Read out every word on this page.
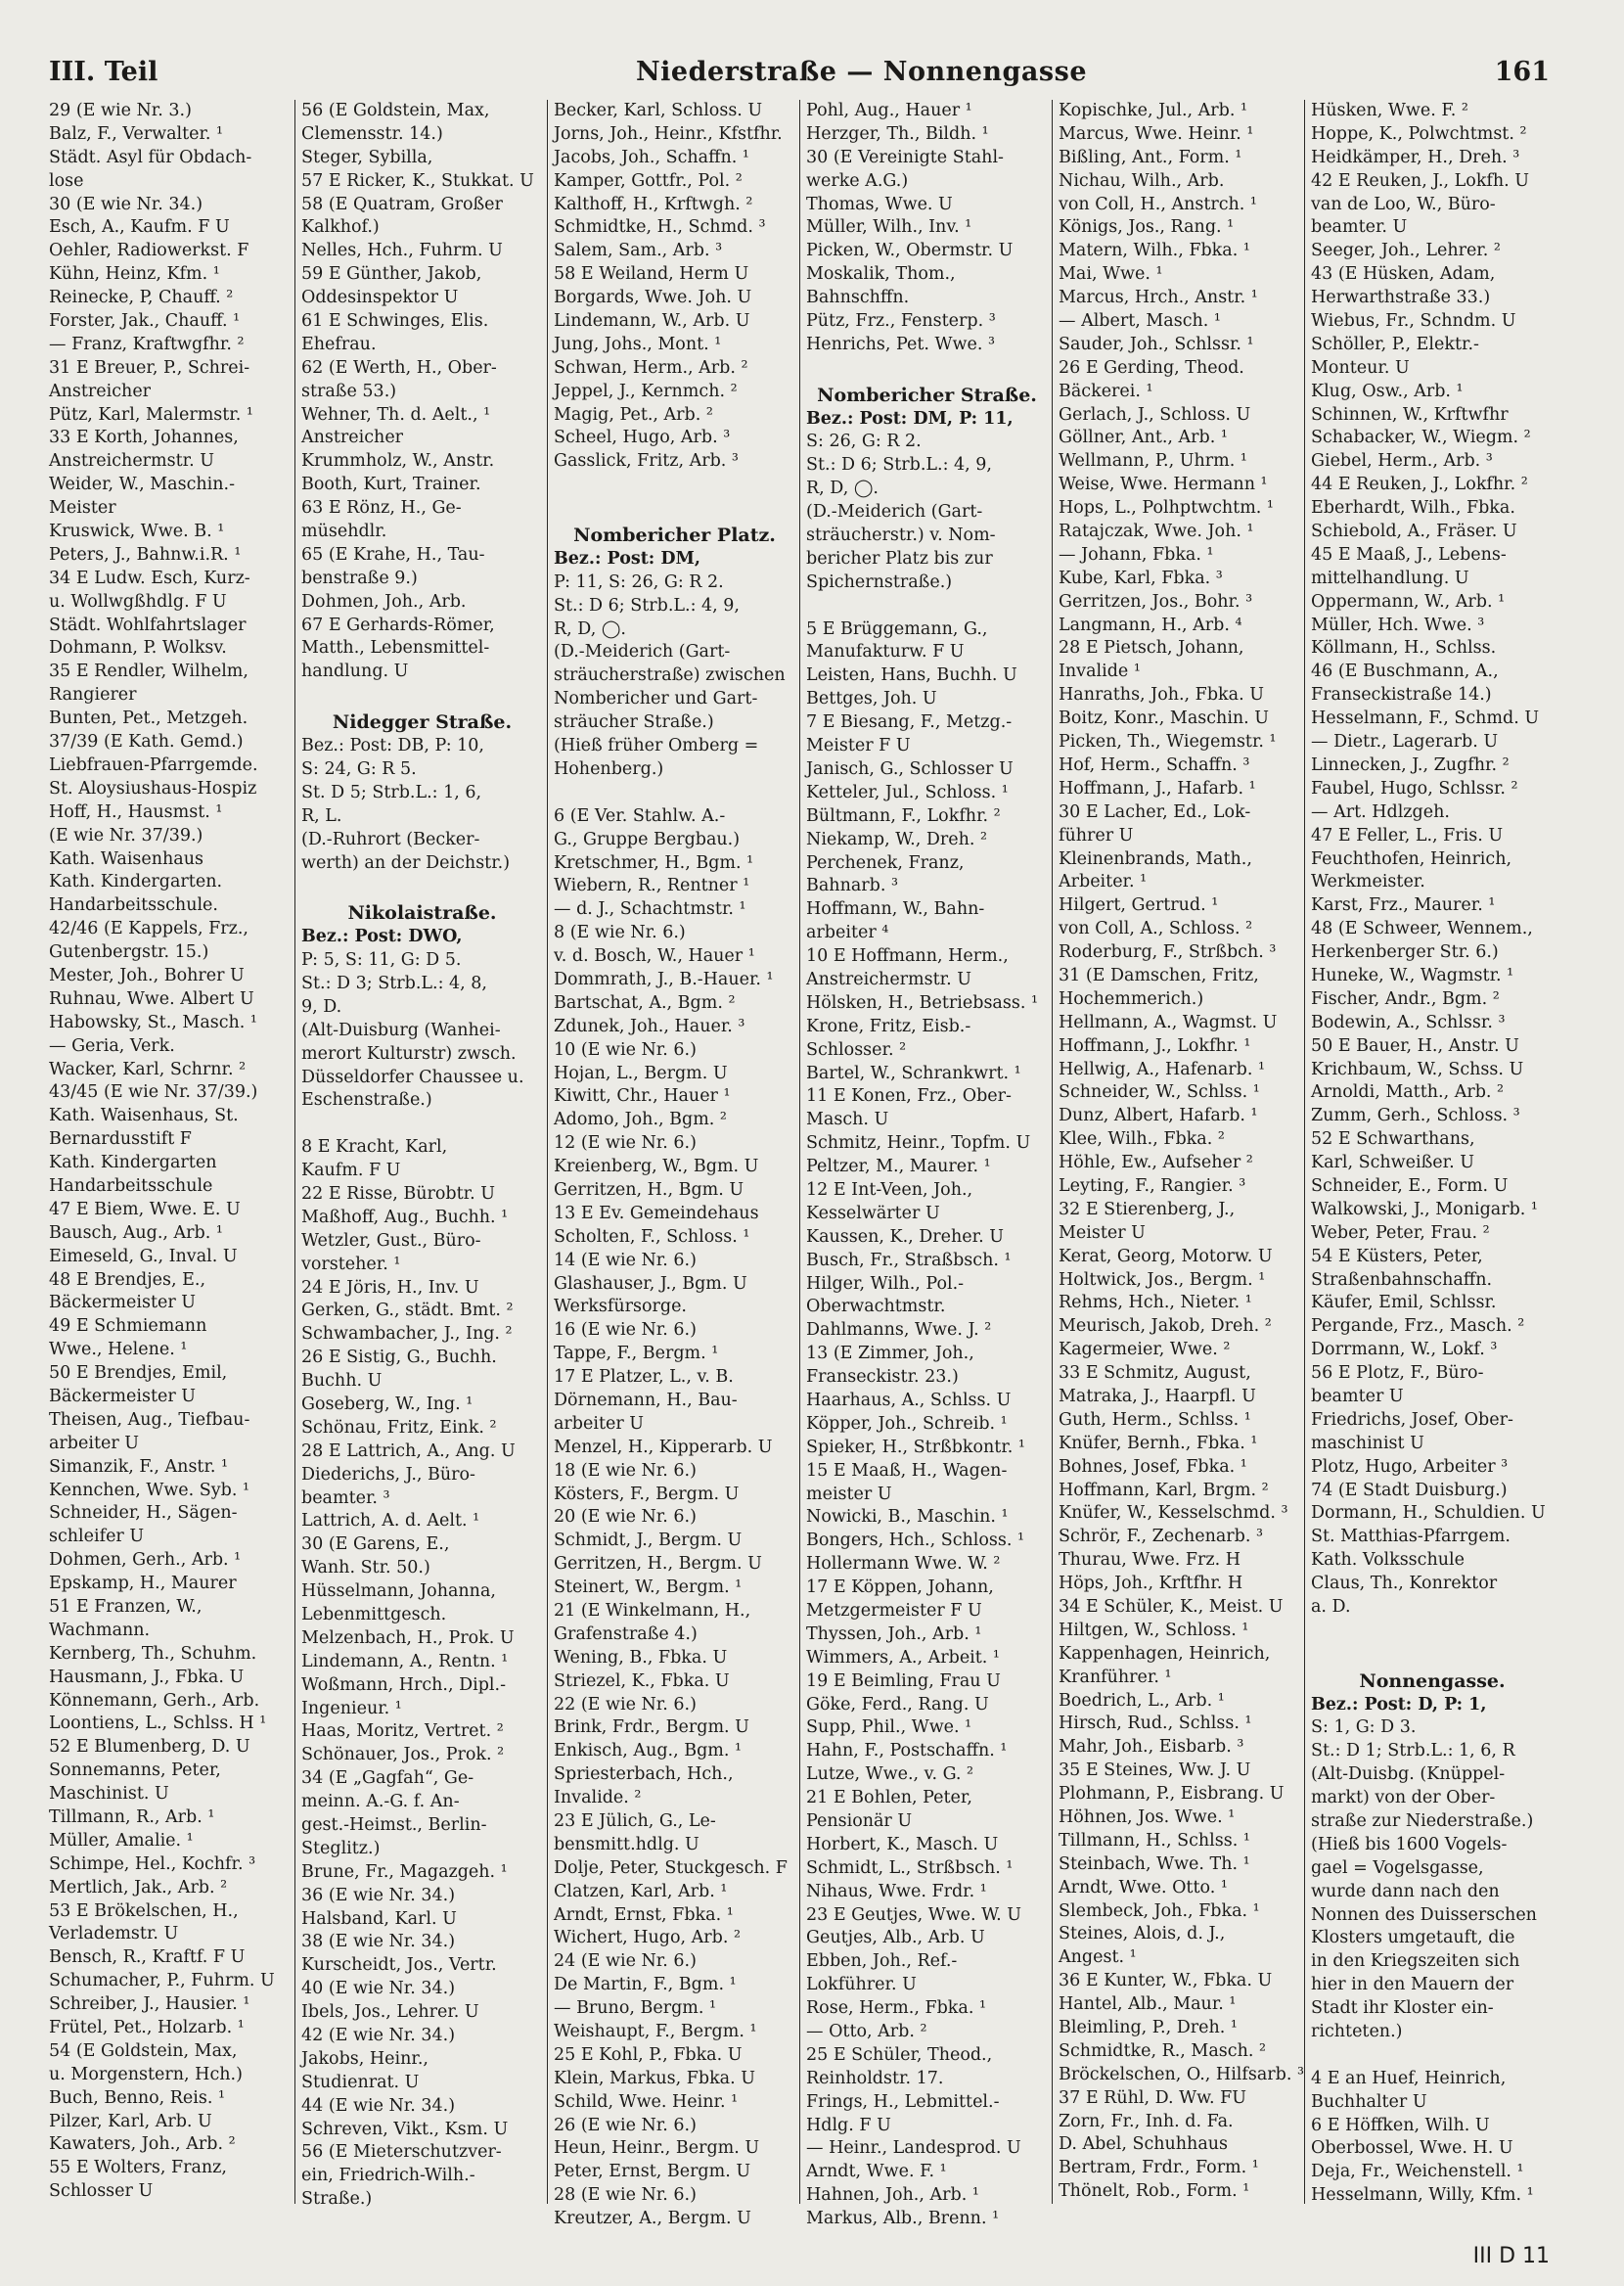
III. Teil	Niederstraße — Nonnengasse	161
29 (E wie Nr. 3.)
Balz, F., Verwalter. ¹
Städt. Asyl für Obdach-
lose
30 (E wie Nr. 34.)
Esch, A., Kaufm. F U
Oehler, Radiowerkst. F
Kühn, Heinz, Kfm. ¹
Reinecke, P, Chauff. ²
Forster, Jak., Chauff. ¹
— Franz, Kraftwgfhr. ²
31 E Breuer, P., Schrei-
Anstreicher
Pütz, Karl, Malermstr. ¹
33 E Korth, Johannes,
Anstreichermstr. U
Weider, W., Maschin.-
Meister
Kruswick, Wwe. B. ¹
Peters, J., Bahnw.i.R. ¹
34 E Ludw. Esch, Kurz-
u. Wollwgßhdlg. F U
Städt. Wohlfahrtslager
Dohmann, P. Wolksv.
35 E Rendler, Wilhelm,
Rangierer
Bunten, Pet., Metzgeh.
37/39 (E Kath. Gemd.)
Liebfrauen-Pfarrgemde.
St. Aloysiushaus-Hospiz
Hoff, H., Hausmst. ¹
(E wie Nr. 37/39.)
Kath. Waisenhaus
Kath. Kindergarten.
Handarbeitsschule.
42/46 (E Kappels, Frz.,
Gutenbergstr. 15.)
Mester, Joh., Bohrer U
Ruhnau, Wwe. Albert U
Habowsky, St., Masch. ¹
— Geria, Verk.
Wacker, Karl, Schrnr. ²
43/45 (E wie Nr. 37/39.)
Kath. Waisenhaus, St.
Bernardusstift F
Kath. Kindergarten
Handarbeitsschule
47 E Biem, Wwe. E. U
Bausch, Aug., Arb. ¹
Eimeseld, G., Inval. U
48 E Brendjes, E.,
Bäckermeister U
49 E Schmiemann
Wwe., Helene. ¹
50 E Brendjes, Emil,
Bäckermeister U
Theisen, Aug., Tiefbau-
arbeiter U
Simanzik, F., Anstr. ¹
Kennchen, Wwe. Syb. ¹
Schneider, H., Sägen-
schleifer U
Dohmen, Gerh., Arb. ¹
Epskamp, H., Maurer
51 E Franzen, W.,
Wachmann.
Kernberg, Th., Schuhm.
Hausmann, J., Fbka. U
Könnemann, Gerh., Arb.
Loontiens, L., Schlss. H ¹
52 E Blumenberg, D. U
Sonnemanns, Peter,
Maschinist. U
Tillmann, R., Arb. ¹
Müller, Amalie. ¹
Schimpe, Hel., Kochfr. ³
Mertlich, Jak., Arb. ²
53 E Brökelschen, H.,
Verlademstr. U
Bensch, R., Kraftf. F U
Schumacher, P., Fuhrm. U
Schreiber, J., Hausier. ¹
Frütel, Pet., Holzarb. ¹
54 (E Goldstein, Max,
u. Morgenstern, Hch.)
Buch, Benno, Reis. ¹
Pilzer, Karl, Arb. U
Kawaters, Joh., Arb. ²
55 E Wolters, Franz,
Schlosser U
56 (E Goldstein, Max,
Clemensstr. 14.)
Steger, Sybilla,
57 E Ricker, K., Stukkat. U
58 (E Quatram, Großer
Kalkhof.)
Nelles, Hch., Fuhrm. U
59 E Günther, Jakob,
Oddesinspektor U
61 E Schwinges, Elis.
Ehefrau.
62 (E Werth, H., Ober-
straße 53.)
Wehner, Th. d. Aelt., ¹
Anstreicher
Krummholz, W., Anstr.
Booth, Kurt, Trainer.
63 E Rönz, H., Ge-
müsehdlr.
65 (E Krahe, H., Tau-
benstraße 9.)
Dohmen, Joh., Arb.
67 E Gerhards-Römer,
Matth., Lebensmittel-
handlung. U
Nidegger Straße.
Bez.: Post: DB, P: 10,
S: 24, G: R 5.
St. D 5; Strb.L.: 1, 6,
R, L.
(D.-Ruhrort (Becker-
werth) an der Deichstr.)
Nikolaistraße.
Bez.: Post: DWO,
P: 5, S: 11, G: D 5.
St.: D 3; Strb.L.: 4, 8,
9, D.
(Alt-Duisburg (Wanhei-
merort Kulturstr) zwsch.
Düsseldorfer Chaussee u.
Eschenstraße.)
8 E Kracht, Karl,
Kaufm. F U
22 E Risse, Bürobtr. U
Maßhoff, Aug., Buchh. ¹
Wetzler, Gust., Büro-
vorsteher. ¹
24 E Jöris, H., Inv. U
Gerken, G., städt. Bmt. ²
Schwambacher, J., Ing. ²
26 E Sistig, G., Buchh.
Buchh. U
Goseberg, W., Ing. ¹
Schönau, Fritz, Eink. ²
28 E Lattrich, A., Ang. U
Diederichs, J., Büro-
beamter. ³
Lattrich, A. d. Aelt. ¹
30 (E Garens, E.,
Wanh. Str. 50.)
Hüsselmann, Johanna,
Lebenmittgesch.
Melzenbach, H., Prok. U
Lindemann, A., Rentn. ¹
Woßmann, Hrch., Dipl.-
Ingenieur. ¹
Haas, Moritz, Vertret. ²
Schönauer, Jos., Prok. ²
34 (E „Gagfah“, Ge-
meinn. A.-G. f. An-
gest.-Heimst., Berlin-
Steglitz.)
Brune, Fr., Magazgeh. ¹
36 (E wie Nr. 34.)
Halsband, Karl. U
38 (E wie Nr. 34.)
Kurscheidt, Jos., Vertr.
40 (E wie Nr. 34.)
Ibels, Jos., Lehrer. U
42 (E wie Nr. 34.)
Jakobs, Heinr.,
Studienrat. U
44 (E wie Nr. 34.)
Schreven, Vikt., Ksm. U
56 (E Mieterschutzver-
ein, Friedrich-Wilh.-
Straße.)
Becker, Karl, Schloss. U
Jorns, Joh., Heinr., Kfstfhr.
Jacobs, Joh., Schaffn. ¹
Kamper, Gottfr., Pol. ²
Kalthoff, H., Krftwgh. ²
Schmidtke, H., Schmd. ³
Salem, Sam., Arb. ³
58 E Weiland, Herm U
Borgards, Wwe. Joh. U
Lindemann, W., Arb. U
Jung, Johs., Mont. ¹
Schwan, Herm., Arb. ²
Jeppel, J., Kernmch. ²
Magig, Pet., Arb. ²
Scheel, Hugo, Arb. ³
Gasslick, Fritz, Arb. ³
Nombericher Platz.
Bez.: Post: DM,
P: 11, S: 26, G: R 2.
St.: D 6; Strb.L.: 4, 9,
R, D, ◯.
(D.-Meiderich (Gart-
sträucherstraße) zwischen
Nombericher und Gart-
sträucher Straße.)
(Hieß früher Omberg =
Hohenberg.)
6 (E Ver. Stahlw. A.-
G., Gruppe Bergbau.)
Kretschmer, H., Bgm. ¹
Wiebern, R., Rentner ¹
— d. J., Schachtmstr. ¹
8 (E wie Nr. 6.)
v. d. Bosch, W., Hauer ¹
Dommrath, J., B.-Hauer. ¹
Bartschat, A., Bgm. ²
Zdunek, Joh., Hauer. ³
10 (E wie Nr. 6.)
Hojan, L., Bergm. U
Kiwitt, Chr., Hauer ¹
Adomo, Joh., Bgm. ²
12 (E wie Nr. 6.)
Kreienberg, W., Bgm. U
Gerritzen, H., Bgm. U
13 E Ev. Gemeindehaus
Scholten, F., Schloss. ¹
14 (E wie Nr. 6.)
Glashauser, J., Bgm. U
Werksfürsorge.
16 (E wie Nr. 6.)
Tappe, F., Bergm. ¹
17 E Platzer, L., v. B.
Dörnemann, H., Bau-
arbeiter U
Menzel, H., Kipperarb. U
18 (E wie Nr. 6.)
Kösters, F., Bergm. U
20 (E wie Nr. 6.)
Schmidt, J., Bergm. U
Gerritzen, H., Bergm. U
Steinert, W., Bergm. ¹
21 (E Winkelmann, H.,
Grafenstraße 4.)
Wening, B., Fbka. U
Striezel, K., Fbka. U
22 (E wie Nr. 6.)
Brink, Frdr., Bergm. U
Enkisch, Aug., Bgm. ¹
Spriesterbach, Hch.,
Invalide. ²
23 E Jülich, G., Le-
bensmitt.hdlg. U
Dolje, Peter, Stuckgesch. F
Clatzen, Karl, Arb. ¹
Arndt, Ernst, Fbka. ¹
Wichert, Hugo, Arb. ²
24 (E wie Nr. 6.)
De Martin, F., Bgm. ¹
— Bruno, Bergm. ¹
Weishaupt, F., Bergm. ¹
25 E Kohl, P., Fbka. U
Klein, Markus, Fbka. U
Schild, Wwe. Heinr. ¹
26 (E wie Nr. 6.)
Heun, Heinr., Bergm. U
Peter, Ernst, Bergm. U
28 (E wie Nr. 6.)
Kreutzer, A., Bergm. U
Pohl, Aug., Hauer ¹
Herzger, Th., Bildh. ¹
30 (E Vereinigte Stahl-
werke A.G.)
Thomas, Wwe. U
Müller, Wilh., Inv. ¹
Picken, W., Obermstr. U
Moskalik, Thom.,
Bahnschffn.
Pütz, Frz., Fensterp. ³
Henrichs, Pet. Wwe. ³
Nombericher Straße.
Bez.: Post: DM, P: 11,
S: 26, G: R 2.
St.: D 6; Strb.L.: 4, 9,
R, D, ◯.
(D.-Meiderich (Gart-
sträucherstr.) v. Nom-
bericher Platz bis zur
Spichernstraße.)
5 E Brüggemann, G.,
Manufakturw. F U
Leisten, Hans, Buchh. U
Bettges, Joh. U
7 E Biesang, F., Metzg.-
Meister F U
Janisch, G., Schlosser U
Ketteler, Jul., Schloss. ¹
Bültmann, F., Lokfhr. ²
Niekamp, W., Dreh. ²
Perchenek, Franz,
Bahnarb. ³
Hoffmann, W., Bahn-
arbeiter ⁴
10 E Hoffmann, Herm.,
Anstreichermstr. U
Hölsken, H., Betriebsass. ¹
Krone, Fritz, Eisb.-
Schlosser. ²
Bartel, W., Schrankwrt. ¹
11 E Konen, Frz., Ober-
Masch. U
Schmitz, Heinr., Topfm. U
Peltzer, M., Maurer. ¹
12 E Int-Veen, Joh.,
Kesselwärter U
Kaussen, K., Dreher. U
Busch, Fr., Straßbsch. ¹
Hilger, Wilh., Pol.-
Oberwachtmstr.
Dahlmanns, Wwe. J. ²
13 (E Zimmer, Joh.,
Franseckistr. 23.)
Haarhaus, A., Schlss. U
Köpper, Joh., Schreib. ¹
Spieker, H., Strßbkontr. ¹
15 E Maaß, H., Wagen-
meister U
Nowicki, B., Maschin. ¹
Bongers, Hch., Schloss. ¹
Hollermann Wwe. W. ²
17 E Köppen, Johann,
Metzgermeister F U
Thyssen, Joh., Arb. ¹
Wimmers, A., Arbeit. ¹
19 E Beimling, Frau U
Göke, Ferd., Rang. U
Supp, Phil., Wwe. ¹
Hahn, F., Postschaffn. ¹
Lutze, Wwe., v. G. ²
21 E Bohlen, Peter,
Pensionär U
Horbert, K., Masch. U
Schmidt, L., Strßbsch. ¹
Nihaus, Wwe. Frdr. ¹
23 E Geutjes, Wwe. W. U
Geutjes, Alb., Arb. U
Ebben, Joh., Ref.-
Lokführer. U
Rose, Herm., Fbka. ¹
— Otto, Arb. ²
25 E Schüler, Theod.,
Reinholdstr. 17.
Frings, H., Lebmittel.-
Hdlg. F U
— Heinr., Landesprod. U
Arndt, Wwe. F. ¹
Hahnen, Joh., Arb. ¹
Markus, Alb., Brenn. ¹
Kopischke, Jul., Arb. ¹
Marcus, Wwe. Heinr. ¹
Bißling, Ant., Form. ¹
Nichau, Wilh., Arb.
von Coll, H., Anstrch. ¹
Königs, Jos., Rang. ¹
Matern, Wilh., Fbka. ¹
Mai, Wwe. ¹
Marcus, Hrch., Anstr. ¹
— Albert, Masch. ¹
Sauder, Joh., Schlssr. ¹
26 E Gerding, Theod.
Bäckerei. ¹
Gerlach, J., Schloss. U
Göllner, Ant., Arb. ¹
Wellmann, P., Uhrm. ¹
Weise, Wwe. Hermann ¹
Hops, L., Polhptwchtm. ¹
Ratajczak, Wwe. Joh. ¹
— Johann, Fbka. ¹
Kube, Karl, Fbka. ³
Gerritzen, Jos., Bohr. ³
Langmann, H., Arb. ⁴
28 E Pietsch, Johann,
Invalide ¹
Hanraths, Joh., Fbka. U
Boitz, Konr., Maschin. U
Picken, Th., Wiegemstr. ¹
Hof, Herm., Schaffn. ³
Hoffmann, J., Hafarb. ¹
30 E Lacher, Ed., Lok-
führer U
Kleinenbrands, Math.,
Arbeiter. ¹
Hilgert, Gertrud. ¹
von Coll, A., Schloss. ²
Roderburg, F., Strßbch. ³
31 (E Damschen, Fritz,
Hochemmerich.)
Hellmann, A., Wagmst. U
Hoffmann, J., Lokfhr. ¹
Hellwig, A., Hafenarb. ¹
Schneider, W., Schlss. ¹
Dunz, Albert, Hafarb. ¹
Klee, Wilh., Fbka. ²
Höhle, Ew., Aufseher ²
Leyting, F., Rangier. ³
32 E Stierenberg, J.,
Meister U
Kerat, Georg, Motorw. U
Holtwick, Jos., Bergm. ¹
Rehms, Hch., Nieter. ¹
Meurisch, Jakob, Dreh. ²
Kagermeier, Wwe. ²
33 E Schmitz, August,
Matraka, J., Haarpfl. U
Guth, Herm., Schlss. ¹
Knüfer, Bernh., Fbka. ¹
Bohnes, Josef, Fbka. ¹
Hoffmann, Karl, Brgm. ²
Knüfer, W., Kesselschmd. ³
Schrör, F., Zechenarb. ³
Thurau, Wwe. Frz. H
Höps, Joh., Krftfhr. H
34 E Schüler, K., Meist. U
Hiltgen, W., Schloss. ¹
Kappenhagen, Heinrich,
Kranführer. ¹
Boedrich, L., Arb. ¹
Hirsch, Rud., Schlss. ¹
Mahr, Joh., Eisbarb. ³
35 E Steines, Ww. J. U
Plohmann, P., Eisbrang. U
Höhnen, Jos. Wwe. ¹
Tillmann, H., Schlss. ¹
Steinbach, Wwe. Th. ¹
Arndt, Wwe. Otto. ¹
Slembeck, Joh., Fbka. ¹
Steines, Alois, d. J.,
Angest. ¹
36 E Kunter, W., Fbka. U
Hantel, Alb., Maur. ¹
Bleimling, P., Dreh. ¹
Schmidtke, R., Masch. ²
Bröckelschen, O., Hilfsarb. ³
37 E Rühl, D. Ww. FU
Zorn, Fr., Inh. d. Fa.
D. Abel, Schuhhaus
Bertram, Frdr., Form. ¹
Thönelt, Rob., Form. ¹
Hüsken, Wwe. F. ²
Hoppe, K., Polwchtmst. ²
Heidkämper, H., Dreh. ³
42 E Reuken, J., Lokfh. U
van de Loo, W., Büro-
beamter. U
Seeger, Joh., Lehrer. ²
43 (E Hüsken, Adam,
Herwarthstraße 33.)
Wiebus, Fr., Schndm. U
Schöller, P., Elektr.-
Monteur. U
Klug, Osw., Arb. ¹
Schinnen, W., Krftwfhr
Schabacker, W., Wiegm. ²
Giebel, Herm., Arb. ³
44 E Reuken, J., Lokfhr. ²
Eberhardt, Wilh., Fbka.
Schiebold, A., Fräser. U
45 E Maaß, J., Lebens-
mittelhandlung. U
Oppermann, W., Arb. ¹
Müller, Hch. Wwe. ³
Köllmann, H., Schlss.
46 (E Buschmann, A.,
Franseckistraße 14.)
Hesselmann, F., Schmd. U
— Dietr., Lagerarb. U
Linnecken, J., Zugfhr. ²
Faubel, Hugo, Schlssr. ²
— Art. Hdlzgeh.
47 E Feller, L., Fris. U
Feuchthofen, Heinrich,
Werkmeister.
Karst, Frz., Maurer. ¹
48 (E Schweer, Wennem.,
Herkenberger Str. 6.)
Huneke, W., Wagmstr. ¹
Fischer, Andr., Bgm. ²
Bodewin, A., Schlssr. ³
50 E Bauer, H., Anstr. U
Krichbaum, W., Schss. U
Arnoldi, Matth., Arb. ²
Zumm, Gerh., Schloss. ³
52 E Schwarthans,
Karl, Schweißer. U
Schneider, E., Form. U
Walkowski, J., Monigarb. ¹
Weber, Peter, Frau. ²
54 E Küsters, Peter,
Straßenbahnschaffn.
Käufer, Emil, Schlssr.
Pergande, Frz., Masch. ²
Dorrmann, W., Lokf. ³
56 E Plotz, F., Büro-
beamter U
Friedrichs, Josef, Ober-
maschinist U
Plotz, Hugo, Arbeiter ³
74 (E Stadt Duisburg.)
Dormann, H., Schuldien. U
St. Matthias-Pfarrgem.
Kath. Volksschule
Claus, Th., Konrektor
a. D.
Nonnengasse.
Bez.: Post: D, P: 1,
S: 1, G: D 3.
St.: D 1; Strb.L.: 1, 6, R
(Alt-Duisbg. (Knüppel-
markt) von der Ober-
straße zur Niederstraße.)
(Hieß bis 1600 Vogels-
gael = Vogelsgasse,
wurde dann nach den
Nonnen des Duisserschen
Klosters umgetauft, die
in den Kriegszeiten sich
hier in den Mauern der
Stadt ihr Kloster ein-
richteten.)
4 E an Huef, Heinrich,
Buchhalter U
6 E Höffken, Wilh. U
Oberbossel, Wwe. H. U
Deja, Fr., Weichenstell. ¹
Hesselmann, Willy, Kfm. ¹
III D 11
